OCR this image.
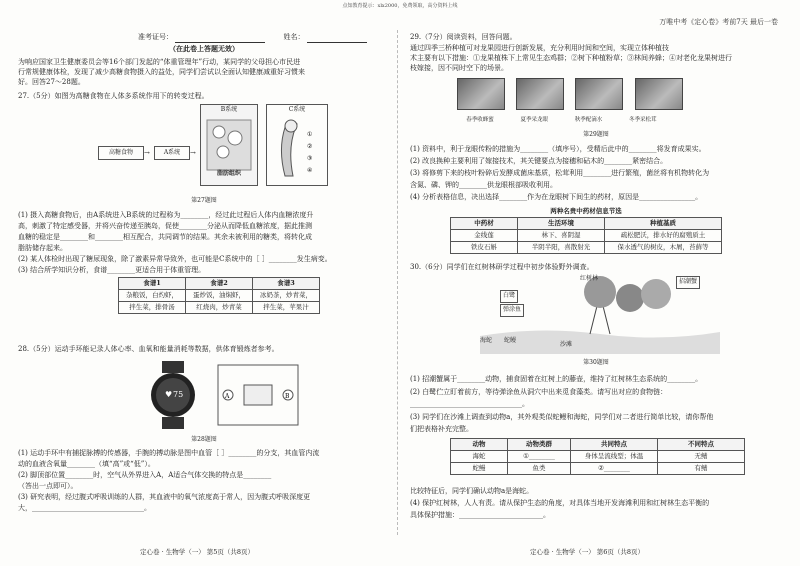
点知教育提示：xlx2000，免费领取，高分资料上线
万唯中考《定心卷》考前7天 最后一卷
准考证号：	姓名：
（在此卷上答题无效）
为响应国家卫生健康委员会等16个部门发起的“体重管理年”行动，某同学的父母担心市民进
行常规健康体检，发现了减少高糖食物摄入的益处，同学们尝试以全面认知健康减重好习惯来
好。回答27～28题。
27.（5分）如图为高糖食物在人体多系统作用下的转变过程。
高糖食物	→	A系统	→
B系统
脂肪组织
C系统
①
②
③
④
第27题图
(1) 摄入高糖食物后，由A系统进入B系统的过程称为________，经过此过程后人体内血糖浓度升
高，刺激了特定感受器，并将兴奋传递至胰岛，促使________分泌从而降低血糖浓度，据此推测
血糖的稳定是________和________相互配合，共同调节的结果。其余未被利用的糖类，将转化成
脂肪储存起来。
(2) 某人体检时出现了糖尿现象，除了激素异常导致外，也可能是C系统中的［ ］________发生病变。
(3) 结合所学知识分析，食谱________更适合用于体重管理。
食谱1	食谱2	食谱3
杂粮饭，白灼虾，	蛋炒饭，油焖虾，	冰奶茶，炒青菜，
拌生菜，排骨汤	红烧肉，炒青菜	拌生菜，苹果汁
28.（5分）运动手环能记录人体心率、血氧和能量消耗等数据，供体育锻炼者参考。
♥ 75	A	B
第28题图
(1) 运动手环中有捕捉脉搏的传感器，手腕的搏动脉是图中血管［ ］________的分支，其血管内流
动的血液含氧量________（填“高”或“低”）。
(2) 脚顶部位置________时，空气从外界进入A，A适合气体交换的特点是________
（答出一点即可）。
(3) 研究表明，经过腹式呼吸训练的人群，其血液中的氧气浓度高于常人，因为腹式呼吸深度更
大，________________________________。
定心卷 · 生物学（一） 第5页（共8页）
29.（7分）阅读资料，回答问题。
通过四季三桥种植可对龙果园进行创新发展，充分利用时间和空间，实现立体种植技
术主要有以下措施：①龙果植株下上常见生态鸡群；②树下种植粉草；③林间养蜂；④对老化龙果树进行
枝嫁接，因不同时空下的场景。

春季收蜂蜜	夏季采龙眼	秋季配滴水	冬季采松茸
第29题图
(1) 资料中，利于龙眼传粉的措施为________（填序号），受精后此中的________将发育成果实。
(2) 改良换种主要利用了嫁接技术，其关键要点为接穗和砧木的________紧密结合。
(3) 将修剪下来的枝叶粉碎后发酵成菌床基质，松茸利用________进行繁殖，菌丝将有机物转化为
含氮、磷、钾的________供龙眼根部吸收利用。
(4) 分析表格信息，决出选择________作为在龙眼树下间生的药材，原因是________________。
两种名贵中药材信息节选
中药材	生活环境	种植基质
金线莲	林下、喜阴湿	疏松肥沃，排水好的腐殖质土
铁皮石斛	半阴半阳，喜散射光	保水透气的树皮，木屑，苔藓等
30.（6分）同学们在红树林研学过程中初步体验野外调查。
红树林
白鹭
弹涂鱼
招潮蟹
海蛇 蛇鳗
沙滩
第30题图
(1) 招潮蟹属于________动物，捕食固着在红树上的藤壶，维持了红树林生态系统的________。
(2) 白鹭伫立盯着前方，等待弹涂鱼从洞穴中出来觅食藻类。请写出对应的食物链：
________________________________。
(3) 同学们在沙滩上调查到动物a，其外观类似蛇鳗和海蛇，同学们对二者进行简单比较，请你帮他
们把表格补充完整。
动物	动物类群	共同特点	不同特点
海蛇	①________	身体呈流线型；体温	无鳍
蛇鳗	鱼类	②________	有鳍
比较特征后，同学们确认动物a是海蛇。
(4) 保护红树林，人人有责。请从保护生态的角度，对具体当地开发海滩利用和红树林生态平衡的
具体保护措施：________________________。
定心卷 · 生物学（一） 第6页（共8页）
